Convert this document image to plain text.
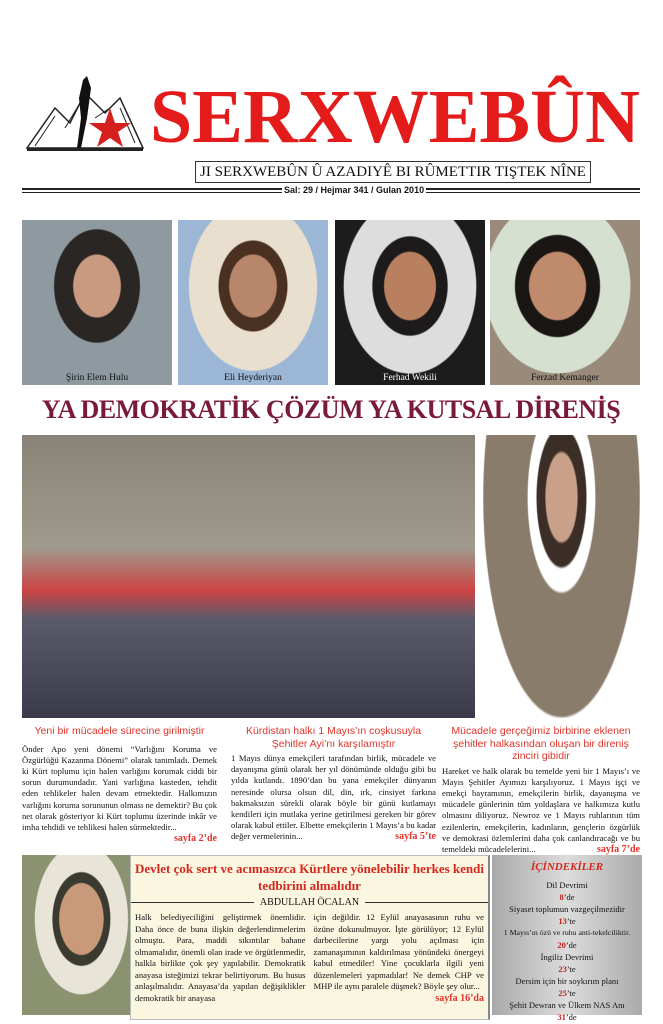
SERXWEBÛN
JI SERXWEBÛN Û AZADIYÊ BI RÛMETTIR TIŞTEK NÎNE
Sal: 29 / Hejmar 341 / Gulan 2010
Şirin Elem Hulu	Eli Heyderiyan	Ferhad Wekili	Ferzad Kemanger
YA DEMOKRATİK ÇÖZÜM YA KUTSAL DİRENİŞ
Yeni bir mücadele sürecine girilmiştir

Önder Apo yeni dönemi “Varlığını Koruma ve Özgürlüğü Kazanma Dönemi” olarak tanımladı. Demek ki Kürt toplumu için halen varlığını korumak ciddi bir sorun durumundadır. Yani varlığına kasteden, tehdit eden tehlikeler halen devam etmektedir. Halkımızın varlığını koruma sorununun olması ne demektir? Bu çok net olarak gösteriyor ki Kürt toplumu üzerinde inkâr ve imha tehdidi ve tehlikesi halen sürmektedir...
sayfa 2’de

Kürdistan halkı 1 Mayıs’ın coşkusuyla Şehitler Ayi’nı karşılamıştır

1 Mayıs dünya emekçileri tarafından birlik, mücadele ve dayanışma günü olarak her yıl dönümünde olduğu gibi bu yılda kutlandı. 1890’dan bu yana emekçiler dünyanın neresinde olursa olsun dil, din, ırk, cinsiyet farkına bakmaksızın sürekli olarak böyle bir günü kutlamayı kendileri için mutlaka yerine getirilmesi gereken bir görev olarak kabul ettiler. Elbette emekçilerin 1 Mayıs’a bu kadar değer vermelerinin...	sayfa 5’te

Mücadele gerçeğimiz birbirine eklenen şehitler halkasından oluşan bir direniş zinciri gibidir

Hareket ve halk olarak bu temelde yeni bir 1 Mayıs’ı ve Mayıs Şehitler Ayımızı karşılıyoruz. 1 Mayıs işçi ve emekçi bayramının, emekçilerin birlik, dayanışma ve mücadele günlerinin tüm yoldaşlara ve halkımıza kutlu olmasını diliyoruz. Newroz ve 1 Mayıs ruhlarının tüm ezilenlerin, emekçilerin, kadınların, gençlerin özgürlük ve demokrasi özlemlerini daha çok canlandıracağı ve bu temeldeki mücadelelerini...	sayfa 7’de

Devlet çok sert ve acımasızca Kürtlere yönelebilir herkes kendi tedbirini almalıdır
ABDULLAH ÖCALAN

Halk belediyeciliğini geliştirmek önemlidir. Daha önce de buna ilişkin değerlendirmelerim olmuştu. Para, maddi sıkıntılar bahane olmamalıdır, önemli olan irade ve örgütlenmedir, halkla birlikte çok şey yapılabilir. Demokratik anayasa isteğimizi tekrar belirtiyorum. Bu husus anlaşılmalıdır. Anayasa’da yapılan değişiklikler demokratik bir anayasa

için değildir. 12 Eylül anayasasının ruhu ve özüne dokunulmuyor. İşte görülüyor; 12 Eylül darbecilerine yargı yolu açılması için zamanaşımının kaldırılması yönündeki önergeyi kabul etmediler! Yine çocuklarla ilgili yeni düzenlemeleri yapmadılar! Ne demek CHP ve MHP ile aynı paralele düşmek? Böyle şey olur...
sayfa 16’da

İÇİNDEKİLER
Dil Devrimi
8’de
Siyaset toplumun vazgeçilmezidir
13’te
1 Mayıs’ın özü ve ruhu anti-tekelciliktir.
20’de
İngiliz Devrimi
23’te
Dersim için bir soykırım planı
25’te
Şehit Dewran ve Ülkem NAS Anı
31’de
